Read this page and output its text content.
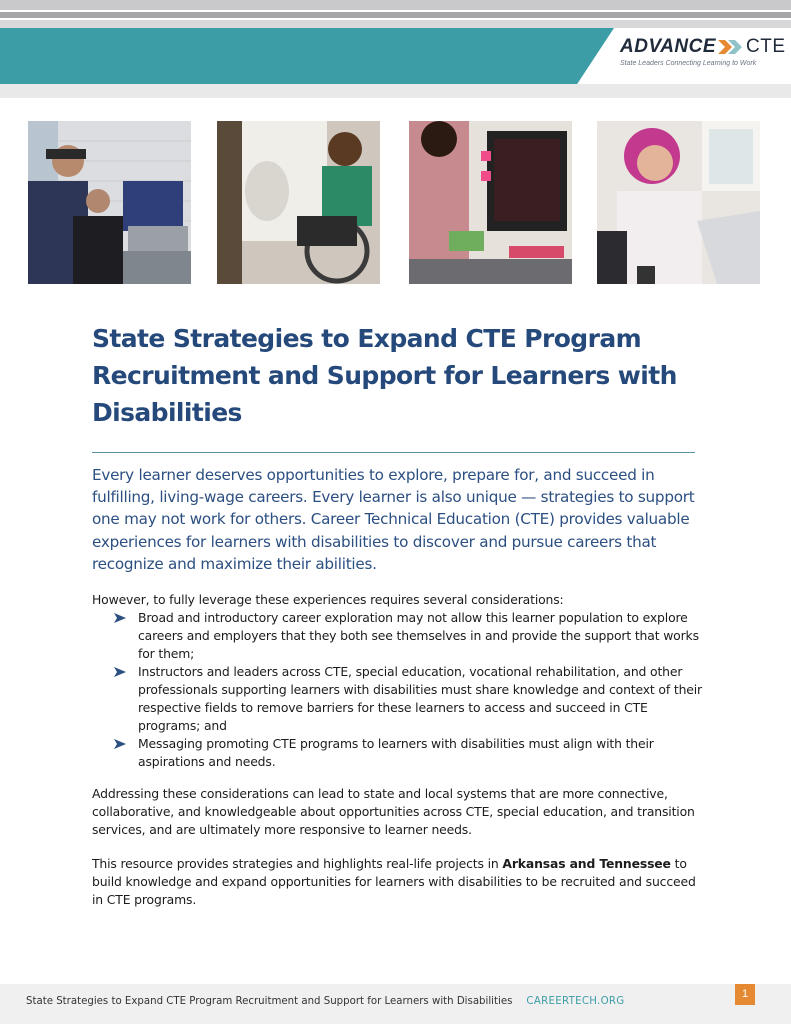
ADVANCE CTE
State Leaders Connecting Learning to Work
State Strategies to Expand CTE Program Recruitment and Support for Learners with Disabilities

Every learner deserves opportunities to explore, prepare for, and succeed in fulfilling, living-wage careers. Every learner is also unique — strategies to support one may not work for others. Career Technical Education (CTE) provides valuable experiences for learners with disabilities to discover and pursue careers that recognize and maximize their abilities.

However, to fully leverage these experiences requires several considerations:

Broad and introductory career exploration may not allow this learner population to explore careers and employers that they both see themselves in and provide the support that works for them;
Instructors and leaders across CTE, special education, vocational rehabilitation, and other professionals supporting learners with disabilities must share knowledge and context of their respective fields to remove barriers for these learners to access and succeed in CTE programs; and
Messaging promoting CTE programs to learners with disabilities must align with their aspirations and needs.

Addressing these considerations can lead to state and local systems that are more connective, collaborative, and knowledgeable about opportunities across CTE, special education, and transition services, and are ultimately more responsive to learner needs.

This resource provides strategies and highlights real-life projects in Arkansas and Tennessee to build knowledge and expand opportunities for learners with disabilities to be recruited and succeed in CTE programs.

State Strategies to Expand CTE Program Recruitment and Support for Learners with Disabilities CAREERTECH.ORG
1
